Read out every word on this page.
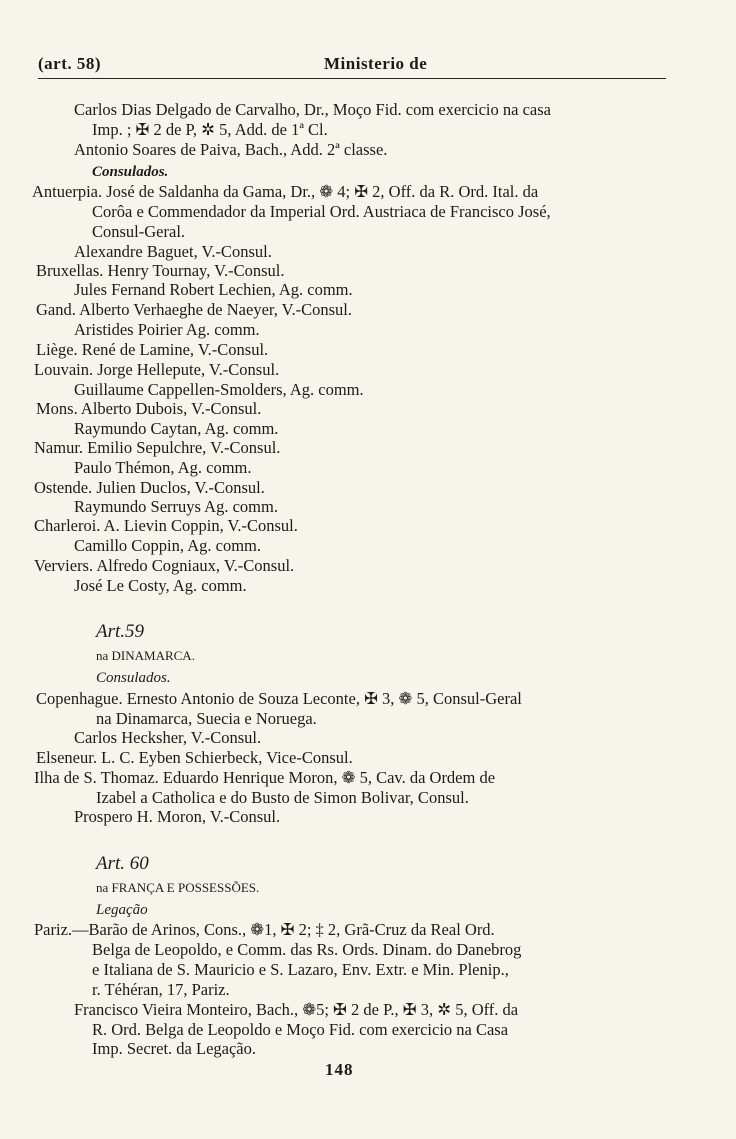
(art. 58)	Ministerio de
Carlos Dias Delgado de Carvalho, Dr., Moço Fid. com exercicio na casa
Imp. ; ✠ 2 de P, ✲ 5, Add. de 1ª Cl.
Antonio Soares de Paiva, Bach., Add. 2ª classe.
Consulados.
Antuerpia. José de Saldanha da Gama, Dr., ❁ 4; ✠ 2, Off. da R. Ord. Ital. da
Corôa e Commendador da Imperial Ord. Austriaca de Francisco José,
Consul-Geral.
Alexandre Baguet, V.-Consul.
Bruxellas. Henry Tournay, V.-Consul.
Jules Fernand Robert Lechien, Ag. comm.
Gand. Alberto Verhaeghe de Naeyer, V.-Consul.
Aristides Poirier Ag. comm.
Liège. René de Lamine, V.-Consul.
Louvain. Jorge Hellepute, V.-Consul.
Guillaume Cappellen-Smolders, Ag. comm.
Mons. Alberto Dubois, V.-Consul.
Raymundo Caytan, Ag. comm.
Namur. Emilio Sepulchre, V.-Consul.
Paulo Thémon, Ag. comm.
Ostende. Julien Duclos, V.-Consul.
Raymundo Serruys Ag. comm.
Charleroi. A. Lievin Coppin, V.-Consul.
Camillo Coppin, Ag. comm.
Verviers. Alfredo Cogniaux, V.-Consul.
José Le Costy, Ag. comm.
Art.59
na DINAMARCA.
Consulados.
Copenhague. Ernesto Antonio de Souza Leconte, ✠ 3, ❁ 5, Consul-Geral
na Dinamarca, Suecia e Noruega.
Carlos Hecksher, V.-Consul.
Elseneur. L. C. Eyben Schierbeck, Vice-Consul.
Ilha de S. Thomaz. Eduardo Henrique Moron, ❁ 5, Cav. da Ordem de
Izabel a Catholica e do Busto de Simon Bolivar, Consul.
Prospero H. Moron, V.-Consul.
Art. 60
na FRANÇA E POSSESSÕES.
Legação
Pariz.—Barão de Arinos, Cons., ❁1, ✠ 2; ‡ 2, Grã-Cruz da Real Ord.
Belga de Leopoldo, e Comm. das Rs. Ords. Dinam. do Danebrog
e Italiana de S. Mauricio e S. Lazaro, Env. Extr. e Min. Plenip.,
r. Téhéran, 17, Pariz.
Francisco Vieira Monteiro, Bach., ❁5; ✠ 2 de P., ✠ 3, ✲ 5, Off. da
R. Ord. Belga de Leopoldo e Moço Fid. com exercicio na Casa
Imp. Secret. da Legação.
148
